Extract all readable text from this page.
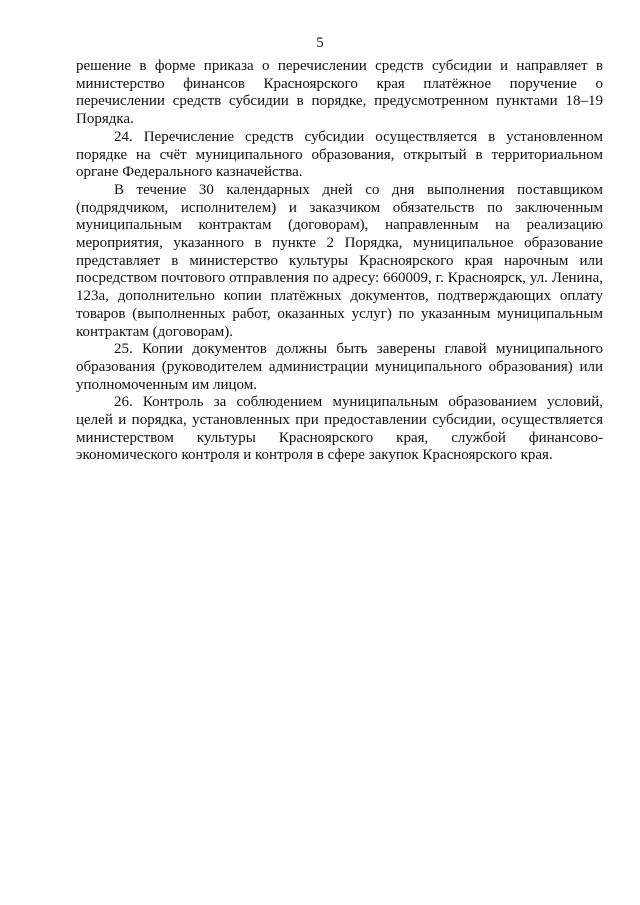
5

решение в форме приказа о перечислении средств субсидии и направляет в министерство финансов Красноярского края платёжное поручение о перечислении средств субсидии в порядке, предусмотренном пунктами 18–19 Порядка.

24. Перечисление средств субсидии осуществляется в установленном порядке на счёт муниципального образования, открытый в территориальном органе Федерального казначейства.

В течение 30 календарных дней со дня выполнения поставщиком (подрядчиком, исполнителем) и заказчиком обязательств по заключенным муниципальным контрактам (договорам), направленным на реализацию мероприятия, указанного в пункте 2 Порядка, муниципальное образование представляет в министерство культуры Красноярского края нарочным или посредством почтового отправления по адресу: 660009, г. Красноярск, ул. Ленина, 123а, дополнительно копии платёжных документов, подтверждающих оплату товаров (выполненных работ, оказанных услуг) по указанным муниципальным контрактам (договорам).

25. Копии документов должны быть заверены главой муниципального образования (руководителем администрации муниципального образования) или уполномоченным им лицом.

26. Контроль за соблюдением муниципальным образованием условий, целей и порядка, установленных при предоставлении субсидии, осуществляется министерством культуры Красноярского края, службой финансово-экономического контроля и контроля в сфере закупок Красноярского края.
